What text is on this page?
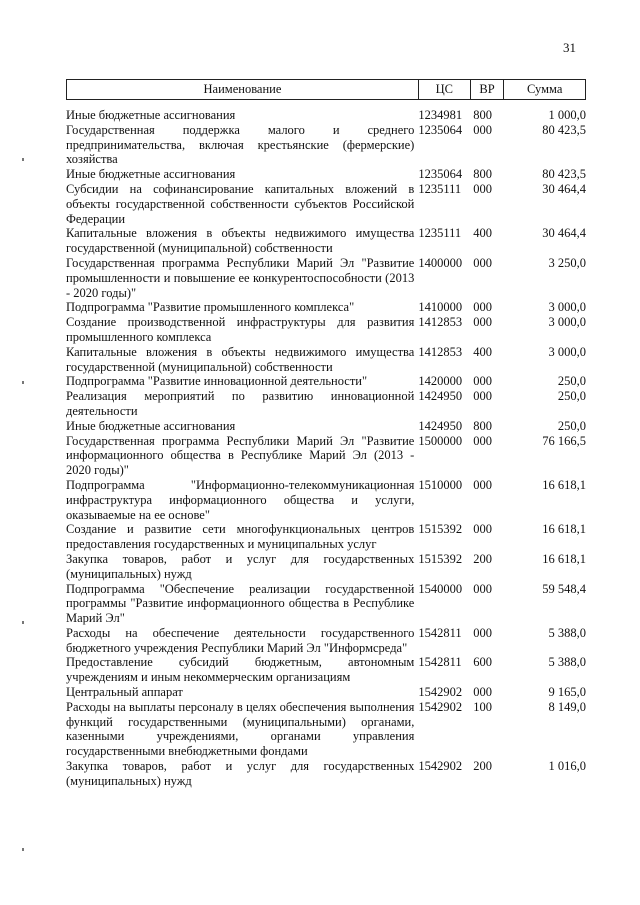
31
Наименование	ЦС	ВР	Сумма
Иные бюджетные ассигнования	1234981 800	1 000,0
Государственная поддержка малого и среднего предпринимательства, включая крестьянские (фермерские) хозяйства
1235064 000	80 423,5
Иные бюджетные ассигнования	1235064 800	80 423,5
Субсидии на софинансирование капитальных вложений в объекты государственной собственности субъектов Российской Федерации
1235111 000	30 464,4
Капитальные вложения в объекты недвижимого имущества государственной (муниципальной) собственности
1235111 400	30 464,4
Государственная программа Республики Марий Эл "Развитие промышленности и повышение ее конкурентоспособности (2013 - 2020 годы)"
1400000 000	3 250,0
Подпрограмма "Развитие промышленного комплекса"	1410000 000	3 000,0
Создание производственной инфраструктуры для развития промышленного комплекса
1412853 000	3 000,0
Капитальные вложения в объекты недвижимого имущества государственной (муниципальной) собственности
1412853 400	3 000,0
Подпрограмма "Развитие инновационной деятельности"	1420000 000	250,0
Реализация мероприятий по развитию инновационной деятельности
1424950 000	250,0
Иные бюджетные ассигнования	1424950 800	250,0
Государственная программа Республики Марий Эл "Развитие информационного общества в Республике Марий Эл (2013 - 2020 годы)"
1500000 000	76 166,5
Подпрограмма "Информационно-телекоммуникационная инфраструктура информационного общества и услуги, оказываемые на ее основе"
1510000 000	16 618,1
Создание и развитие сети многофункциональных центров предоставления государственных и муниципальных услуг
1515392 000	16 618,1
Закупка товаров, работ и услуг для государственных (муниципальных) нужд
1515392 200	16 618,1
Подпрограмма "Обеспечение реализации государственной программы "Развитие информационного общества в Республике Марий Эл"
1540000 000	59 548,4
Расходы на обеспечение деятельности государственного бюджетного учреждения Республики Марий Эл "Информсреда"
1542811 000	5 388,0
Предоставление субсидий бюджетным, автономным учреждениям и иным некоммерческим организациям
1542811 600	5 388,0
Центральный аппарат	1542902 000	9 165,0
Расходы на выплаты персоналу в целях обеспечения выполнения функций государственными (муниципальными) органами, казенными учреждениями, органами управления государственными внебюджетными фондами
1542902 100	8 149,0
Закупка товаров, работ и услуг для государственных (муниципальных) нужд
1542902 200	1 016,0
